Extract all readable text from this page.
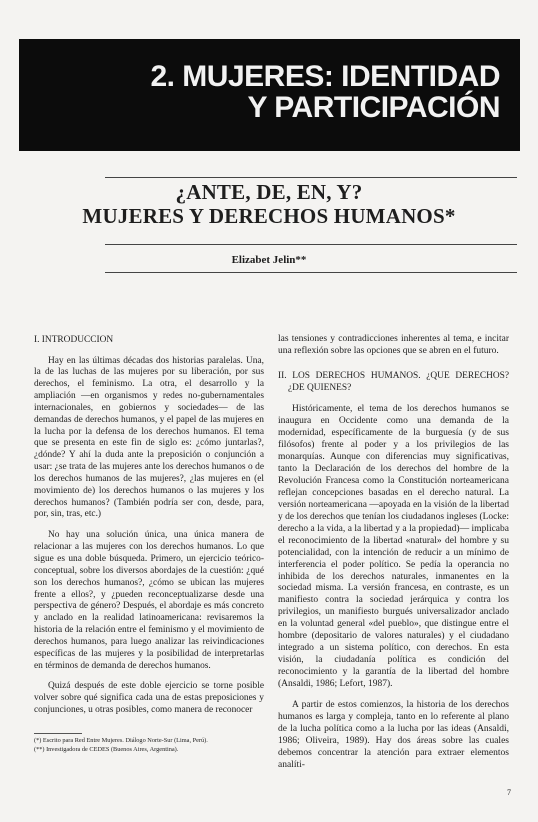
2. MUJERES: IDENTIDAD
Y PARTICIPACIÓN
¿ANTE, DE, EN, Y?
MUJERES Y DERECHOS HUMANOS*
Elizabet Jelin**
I. INTRODUCCION

Hay en las últimas décadas dos historias paralelas. Una, la de las luchas de las mujeres por su liberación, por sus derechos, el feminismo. La otra, el desarrollo y la ampliación —en organismos y redes no-gubernamentales internacionales, en gobiernos y sociedades— de las demandas de derechos humanos, y el papel de las mujeres en la lucha por la defensa de los derechos humanos. El tema que se presenta en este fin de siglo es: ¿cómo juntarlas?, ¿dónde? Y ahí la duda ante la preposición o conjunción a usar: ¿se trata de las mujeres ante los derechos humanos o de los derechos humanos de las mujeres?, ¿las mujeres en (el movimiento de) los derechos humanos o las mujeres y los derechos humanos? (También podría ser con, desde, para, por, sin, tras, etc.)

No hay una solución única, una única manera de relacionar a las mujeres con los derechos humanos. Lo que sigue es una doble búsqueda. Primero, un ejercicio teórico-conceptual, sobre los diversos abordajes de la cuestión: ¿qué son los derechos humanos?, ¿cómo se ubican las mujeres frente a ellos?, y ¿pueden reconceptualizarse desde una perspectiva de género? Después, el abordaje es más concreto y anclado en la realidad latinoamericana: revisaremos la historia de la relación entre el feminismo y el movimiento de derechos humanos, para luego analizar las reivindicaciones específicas de las mujeres y la posibilidad de interpretarlas en términos de demanda de derechos humanos.

Quizá después de este doble ejercicio se torne posible volver sobre qué significa cada una de estas preposiciones y conjunciones, u otras posibles, como manera de reconocer

las tensiones y contradicciones inherentes al tema, e incitar una reflexión sobre las opciones que se abren en el futuro.

II. LOS DERECHOS HUMANOS. ¿QUE DERECHOS? ¿DE QUIENES?

Históricamente, el tema de los derechos humanos se inaugura en Occidente como una demanda de la modernidad, específicamente de la burguesía (y de sus filósofos) frente al poder y a los privilegios de las monarquías. Aunque con diferencias muy significativas, tanto la Declaración de los derechos del hombre de la Revolución Francesa como la Constitución norteamericana reflejan concepciones basadas en el derecho natural. La versión norteamericana —apoyada en la visión de la libertad y de los derechos que tenían los ciudadanos ingleses (Locke: derecho a la vida, a la libertad y a la propiedad)— implicaba el reconocimiento de la libertad «natural» del hombre y su potencialidad, con la intención de reducir a un mínimo de interferencia el poder político. Se pedía la operancia no inhibida de los derechos naturales, inmanentes en la sociedad misma. La versión francesa, en contraste, es un manifiesto contra la sociedad jerárquica y contra los privilegios, un manifiesto burgués universalizador anclado en la voluntad general «del pueblo», que distingue entre el hombre (depositario de valores naturales) y el ciudadano integrado a un sistema político, con derechos. En esta visión, la ciudadanía política es condición del reconocimiento y la garantía de la libertad del hombre (Ansaldi, 1986; Lefort, 1987).

A partir de estos comienzos, la historia de los derechos humanos es larga y compleja, tanto en lo referente al plano de la lucha política como a la lucha por las ideas (Ansaldi, 1986; Oliveira, 1989). Hay dos áreas sobre las cuales debemos concentrar la atención para extraer elementos analíti-

(*) Escrito para Red Entre Mujeres. Diálogo Norte-Sur (Lima, Perú).
(**) Investigadora de CEDES (Buenos Aires, Argentina).
7
